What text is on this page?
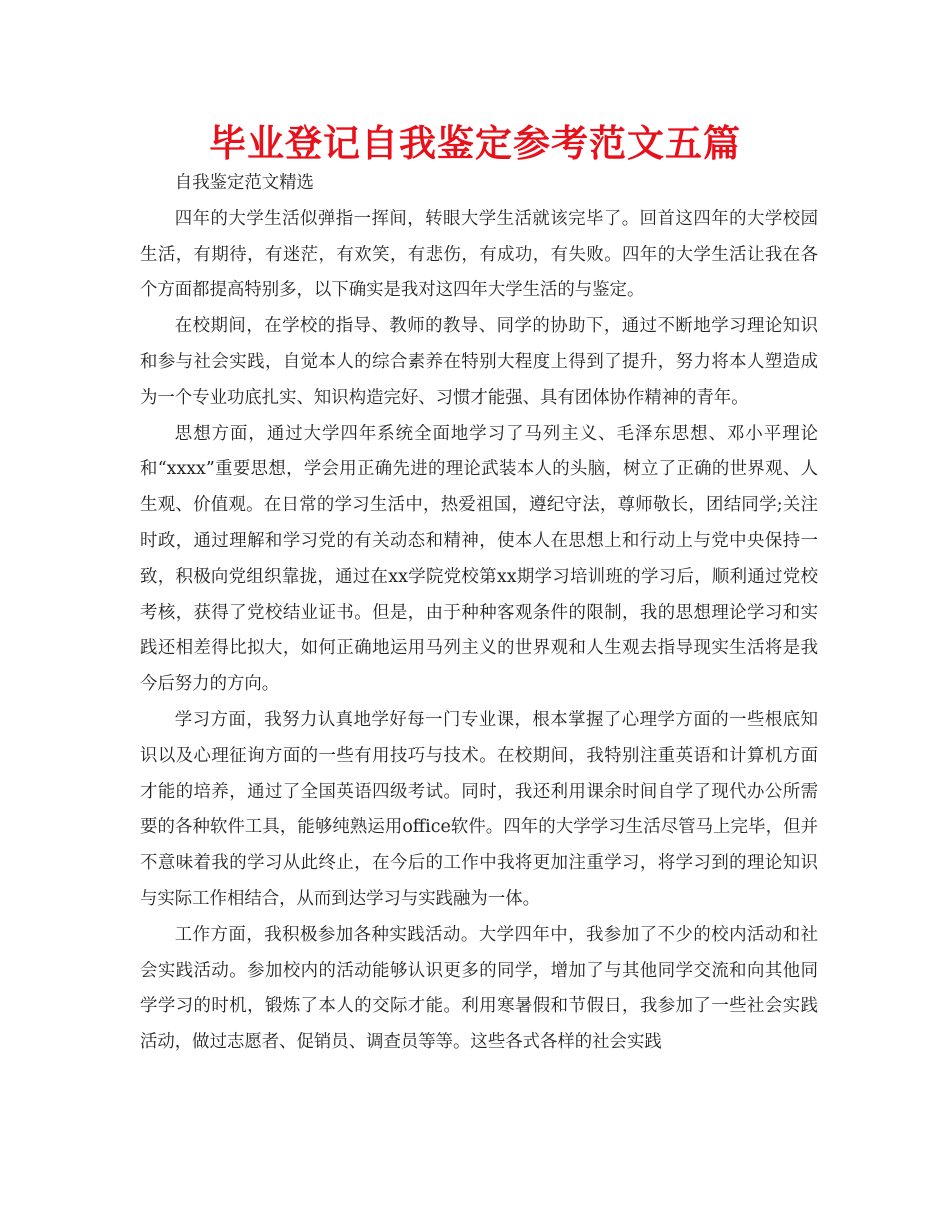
毕业登记自我鉴定参考范文五篇

自我鉴定范文精选

四年的大学生活似弹指一挥间，转眼大学生活就该完毕了。回首这四年的大学校园生活，有期待，有迷茫，有欢笑，有悲伤，有成功，有失败。四年的大学生活让我在各个方面都提高特别多，以下确实是我对这四年大学生活的与鉴定。

在校期间，在学校的指导、教师的教导、同学的协助下，通过不断地学习理论知识和参与社会实践，自觉本人的综合素养在特别大程度上得到了提升，努力将本人塑造成为一个专业功底扎实、知识构造完好、习惯才能强、具有团体协作精神的青年。

思想方面，通过大学四年系统全面地学习了马列主义、毛泽东思想、邓小平理论和“xxxx”重要思想，学会用正确先进的理论武装本人的头脑，树立了正确的世界观、人生观、价值观。在日常的学习生活中，热爱祖国，遵纪守法，尊师敬长，团结同学;关注时政，通过理解和学习党的有关动态和精神，使本人在思想上和行动上与党中央保持一致，积极向党组织靠拢，通过在xx学院党校第xx期学习培训班的学习后，顺利通过党校考核，获得了党校结业证书。但是，由于种种客观条件的限制，我的思想理论学习和实践还相差得比拟大，如何正确地运用马列主义的世界观和人生观去指导现实生活将是我今后努力的方向。

学习方面，我努力认真地学好每一门专业课，根本掌握了心理学方面的一些根底知识以及心理征询方面的一些有用技巧与技术。在校期间，我特别注重英语和计算机方面才能的培养，通过了全国英语四级考试。同时，我还利用课余时间自学了现代办公所需要的各种软件工具，能够纯熟运用office软件。四年的大学学习生活尽管马上完毕，但并不意味着我的学习从此终止，在今后的工作中我将更加注重学习，将学习到的理论知识与实际工作相结合，从而到达学习与实践融为一体。

工作方面，我积极参加各种实践活动。大学四年中，我参加了不少的校内活动和社会实践活动。参加校内的活动能够认识更多的同学，增加了与其他同学交流和向其他同学学习的时机，锻炼了本人的交际才能。利用寒暑假和节假日，我参加了一些社会实践活动，做过志愿者、促销员、调查员等等。这些各式各样的社会实践
